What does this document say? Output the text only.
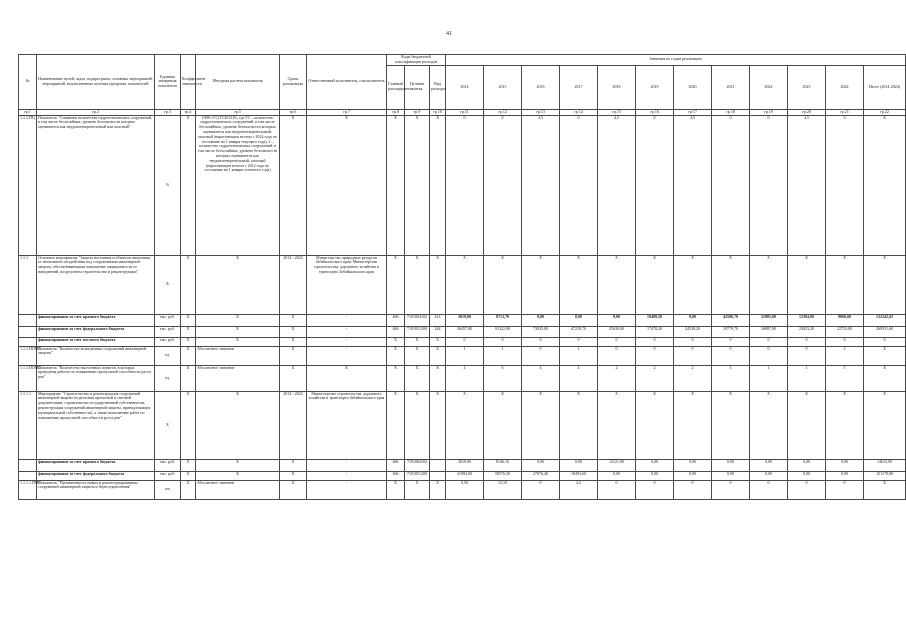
41
№	Наименование целей, задач, подпрограмм, основных мероприятий, мероприятий, ведомственных целевых программ, показателей	Единица измерения показателя	Коэффициент значимости	Методика расчета показателя	Сроки реализации	Ответственный исполнитель, соисполнитель	Коды бюджетной классификации расходов			Значения по годам реализации											
							Главный распорядитель	Целевая статья	Вид расходов	2014	2015	2016	2017	2018	2019	2020	2021	2022	2023	2024	Итого (2014-2024)
гр.1	гр.2	гр.3	гр.4	гр.5	гр.6	гр.7	гр.8	гр.9	гр.10	гр.11	гр.12	гр.13	гр.14	гр.15	гр.16	гр.17	гр.18	гр.19	гр.20	гр.21	гр.22
1.1.1.ПЦ	Показатель "Снижение количества гидротехнических сооружений, в том числе бесхозяйных, уровень безопасности которых оценивается как неудовлетворительный или опасный"	%	X	100%×ГС(ГС2012)%, где ГС – количество гидротехнических сооружений, в том числе бесхозяйных, уровень безопасности которых оценивается как неудовлетворительный, опасный (нарастающим итогом с 2014 года по состоянию на 1 января текущего года), 2 – количество гидротехнических сооружений, в том числе бесхозяйных, уровень безопасности которых оценивается как неудовлетворительный, опасный (нарастающим итогом с 2012 года по состоянию на 1 января отчетного года)	X	X	X	X	X	0	0	4,5	0	4,5	0	4,5	0	0	4,5	0	X
1.1.1.	Основное мероприятие "Защита населения и объектов экономики от негативного воздействия вод сооружениями инженерной защиты, обеспечивающими повышение защищенности от наводнений, посредством строительства и реконструкции"	X	X	X	2014 - 2024	Министерство природных ресурсов Забайкальского края; Министерство строительства, дорожного хозяйства и транспорта Забайкальского края	X	X	X	X	X	X	X	X	X	X	X	X	X	X	X
	финансирование за счет краевого бюджета	тыс. руб.	X	X	X	-	466	7101004102	414	3019,00	8713,70	0,00	0,00	0,00	19409,50	0,00	42506,70	31805,00	12304,00	9000,00	132242,02
	финансирование за счет федерального бюджета	тыс. руб.	X	X	X	-	466	7101051200	244	36457,00	91322,90	73035,00	47218,70	25630,00	17478,20	24538,20	19779,70	16887,90	23023,20	22753,00	269351,60
	финансирование за счет местного бюджета	тыс. руб.	X	X	X	-	X	X	X	0	0	0	0	0	0	0	0	0	0	0	0
1.1.1.ПОМ1	Показатель "Количество возведенных сооружений инженерной защиты"	ед.	X	Абсолютное значение	X	-	X	X	X	1	1	0	1	0	0	0	0	0	0	2	X
1.1.1.ПОМ2	Показатель "Количество населенных пунктов, в которых проведены работы по повышению пропускной способности русел рек"	ед.	X	Абсолютное значение	X	X	X	X	X	4	6	4	4	2	2	2	3	1	1	5	X
1.1.1.1.	Мероприятие "Строительство и реконструкция сооружений инженерной защиты (подготовка проектной и сметной документации, строительство государственной собственности, реконструкция сооружений инженерной защиты, принадлежащих муниципальной собственности), а также выполнение работ по повышению пропускной способности русел рек"	X	X	X	2014 - 2024	Министерство строительства, дорожного хозяйства и транспорта Забайкальского края	X	X	X	X	X	X	X	X	X	X	X	X	X	X	X
	финансирование за счет краевого бюджета	тыс. руб.	X	X	X	-	466	7101004102		3019,00	8146,10	0,00	0,00	14121,90	0,00	0,00	0,00	0,00	0,00	0,00	14633,90
	финансирование за счет федерального бюджета	тыс. руб.	X	X	X	-	466	7101051200		41084,00	58576,30	27076,40	18493,60	0,00	0,00	0,00	0,00	0,00	0,00	0,00	151178,90
1.1.1.1.ПМ1	Показатель "Протяженность новых и реконструированных сооружений инженерной защиты и берегоукрепления"	км	X	Абсолютное значение	X	-	X	X	X	0,56	13,10	0	2,2	0	0	0	0	0	0	0	X
